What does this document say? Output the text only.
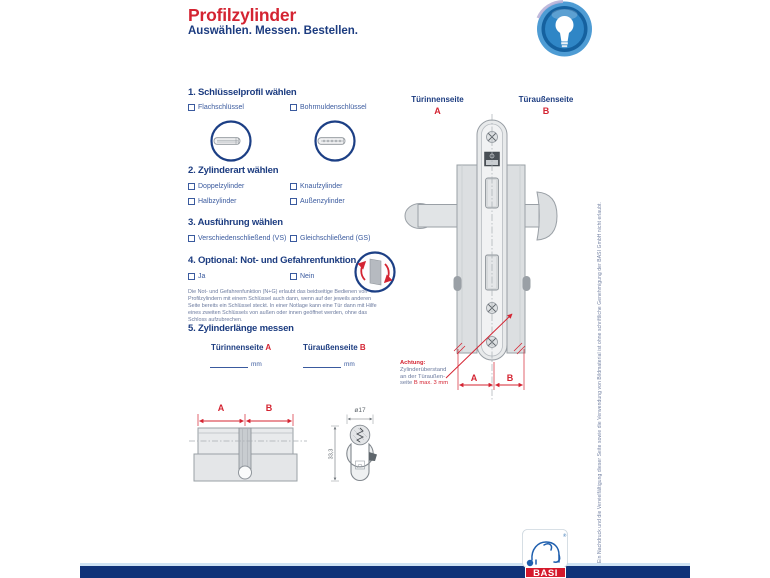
Profilzylinder
Auswählen. Messen. Bestellen.
1. Schlüsselprofil wählen
Flachschlüssel	Bohrmuldenschlüssel
2. Zylinderart wählen
Doppelzylinder	Knaufzylinder
Halbzylinder	Außenzylinder
3. Ausführung wählen
Verschiedenschließend (VS) Gleichschließend (GS)
4. Optional: Not- und Gefahrenfunktion
Ja	Nein
Die Not- und Gefahrenfunktion (N+G) erlaubt das beidseitige Bedienen von Profilzylindern mit einem Schlüssel auch dann, wenn auf der jeweils anderen Seite bereits ein Schlüssel steckt. In einer Notlage kann eine Tür dann mit Hilfe eines zweiten Schlüssels von außen oder innen geöffnet werden, ohne das Schloss aufzubrechen.
5. Zylinderlänge messen
Türinnenseite A	Türaußenseite B
mm	mm
A	B	ø17
33,3
Türinnenseite
A
Türaußenseite
B
A	B
Achtung:
Zylinderüberstand
an der Türaußen-
seite B max. 3 mm	Ein Nachdruck und die Vervielfältigung dieser Seite sowie die Verwendung von Bildmaterial ist ohne schriftliche Genehmigung der BASI GmbH nicht erlaubt.
®
BASI
